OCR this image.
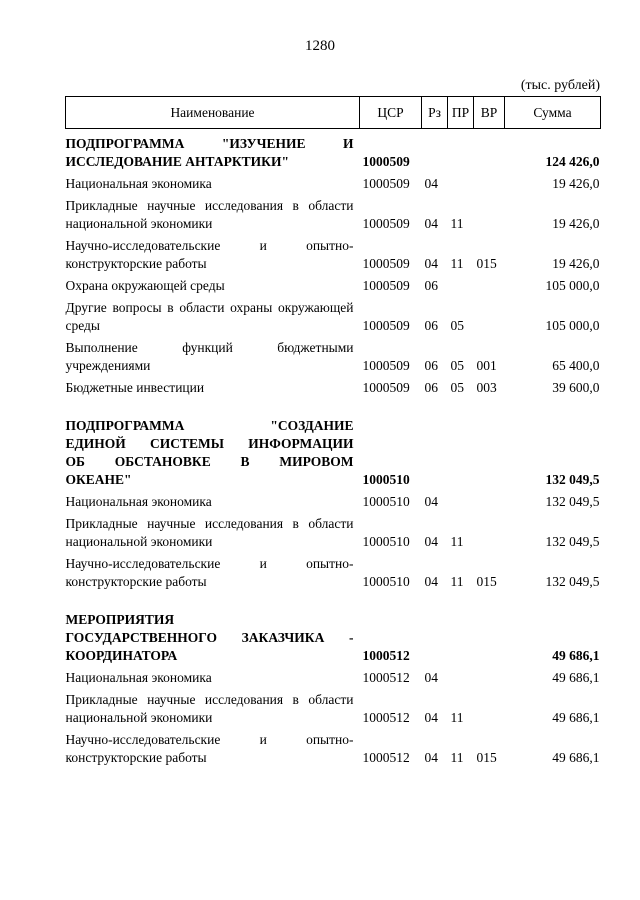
1280
(тыс. рублей)
Наименование	ЦСР	Рз	ПР	ВР	Сумма

ПОДПРОГРАММА "ИЗУЧЕНИЕ И
ИССЛЕДОВАНИЕ АНТАРКТИКИ"	1000509				124 426,0
Национальная экономика	1000509	04			19 426,0
Прикладные научные исследования в области национальной экономики	1000509	04	11		19 426,0
Научно-исследовательские и опытно-конструкторские работы	1000509	04	11	015	19 426,0
Охрана окружающей среды	1000509	06			105 000,0
Другие вопросы в области охраны окружающей среды	1000509	06	05		105 000,0
Выполнение функций бюджетными учреждениями	1000509	06	05	001	65 400,0
Бюджетные инвестиции	1000509	06	05	003	39 600,0

ПОДПРОГРАММА "СОЗДАНИЕ
ЕДИНОЙ СИСТЕМЫ ИНФОРМАЦИИ
ОБ ОБСТАНОВКЕ В МИРОВОМ
ОКЕАНЕ"	1000510				132 049,5
Национальная экономика	1000510	04			132 049,5
Прикладные научные исследования в области национальной экономики	1000510	04	11		132 049,5
Научно-исследовательские и опытно-конструкторские работы	1000510	04	11	015	132 049,5

МЕРОПРИЯТИЯ
ГОСУДАРСТВЕННОГО ЗАКАЗЧИКА -
КООРДИНАТОРА	1000512				49 686,1
Национальная экономика	1000512	04			49 686,1
Прикладные научные исследования в области национальной экономики	1000512	04	11		49 686,1
Научно-исследовательские и опытно-конструкторские работы	1000512	04	11	015	49 686,1
